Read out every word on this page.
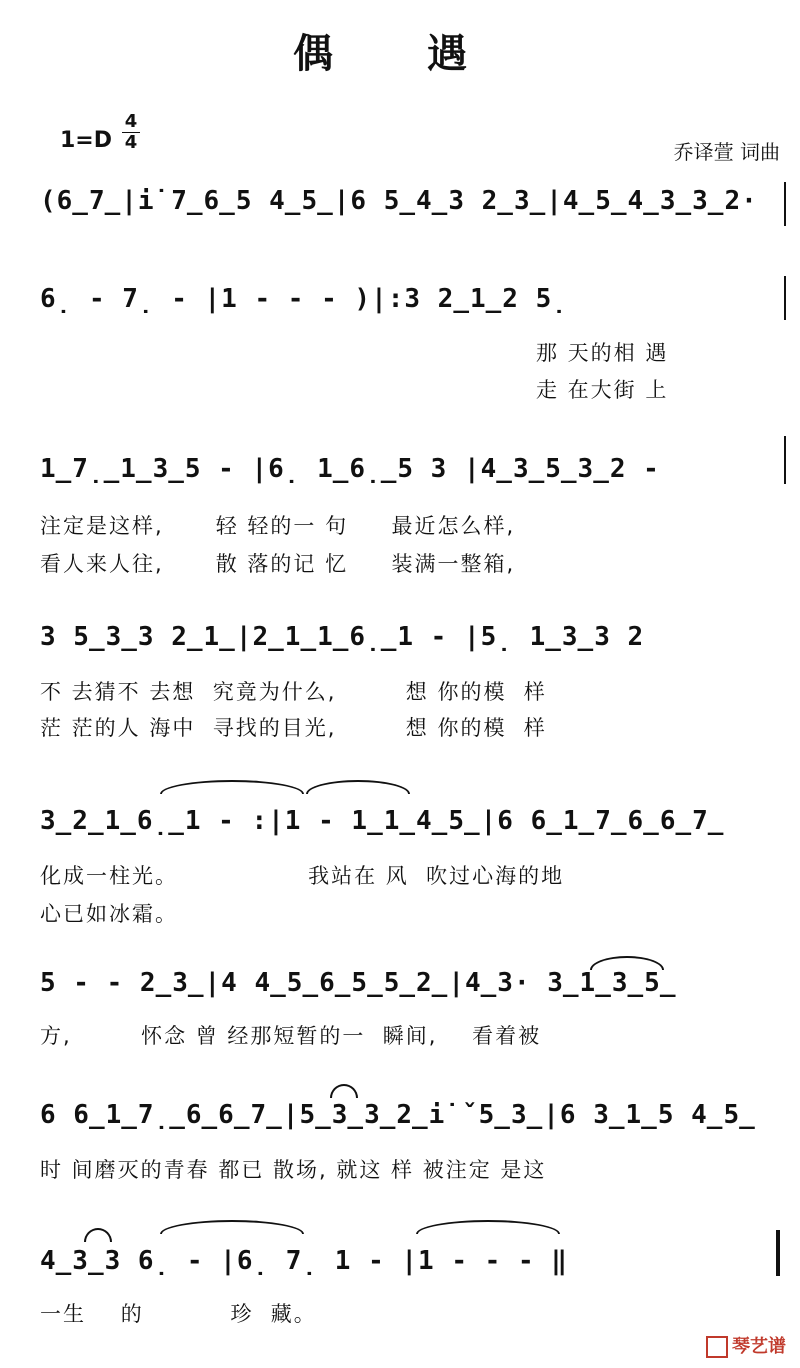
偶 遇
1=D
4
4	乔译萱 词曲
(6̲7̲|i̇ 7̲6̲5 4̲5̲|6 5̲4̲3 2̲3̲|4̲5̲4̲3̲3̲2·
6̣ - 7̣ - |1 - - - )|:3 2̲1̲2 5̣
那 天的相 遇
走 在大街 上
1̲7̣̲1̲3̲5 - |6̣ 1̲6̣̲5 3 |4̲3̲5̲3̲2 -
注定是这样,      轻 轻的一 句     最近怎么样,
看人来人往,      散 落的记 忆     装满一整箱,
3 5̲3̲3 2̲1̲|2̲1̲1̲6̣̲1 - |5̣ 1̲3̲3 2
不 去猜不 去想  究竟为什么,        想 你的模  样
茫 茫的人 海中  寻找的目光,        想 你的模  样
3̲2̲1̲6̣̲1 - :|1 - 1̲1̲4̲5̲|6 6̲1̲7̲6̲6̲7̲
化成一柱光。               我站在 风  吹过心海的地
心已如冰霜。
5 - - 2̲3̲|4 4̲5̲6̲5̲5̲2̲|4̲3· 3̲1̲3̲5̲
方,        怀念 曾 经那短暂的一  瞬间,    看着被
6 6̲1̲7̣̲6̲6̲7̲|5̲3̲3̲2̲i̇ ˇ5̲3̲|6 3̲1̲5 4̲5̲
时 间磨灭的青春 都已 散场, 就这 样 被注定 是这
4̲3̲3 6̣ - |6̣ 7̣ 1 - |1 - - - ‖
一生    的          珍  藏。
琴艺谱
